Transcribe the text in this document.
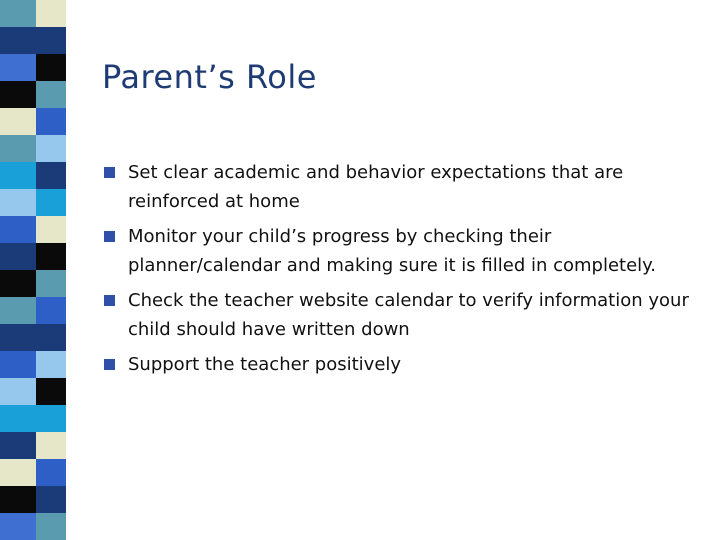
Parent’s Role
Set clear academic and behavior expectations that are reinforced at home
Monitor your child’s progress by checking their planner/calendar and making sure it is filled in completely.
Check the teacher website calendar to verify information your child should have written down
Support the teacher positively
